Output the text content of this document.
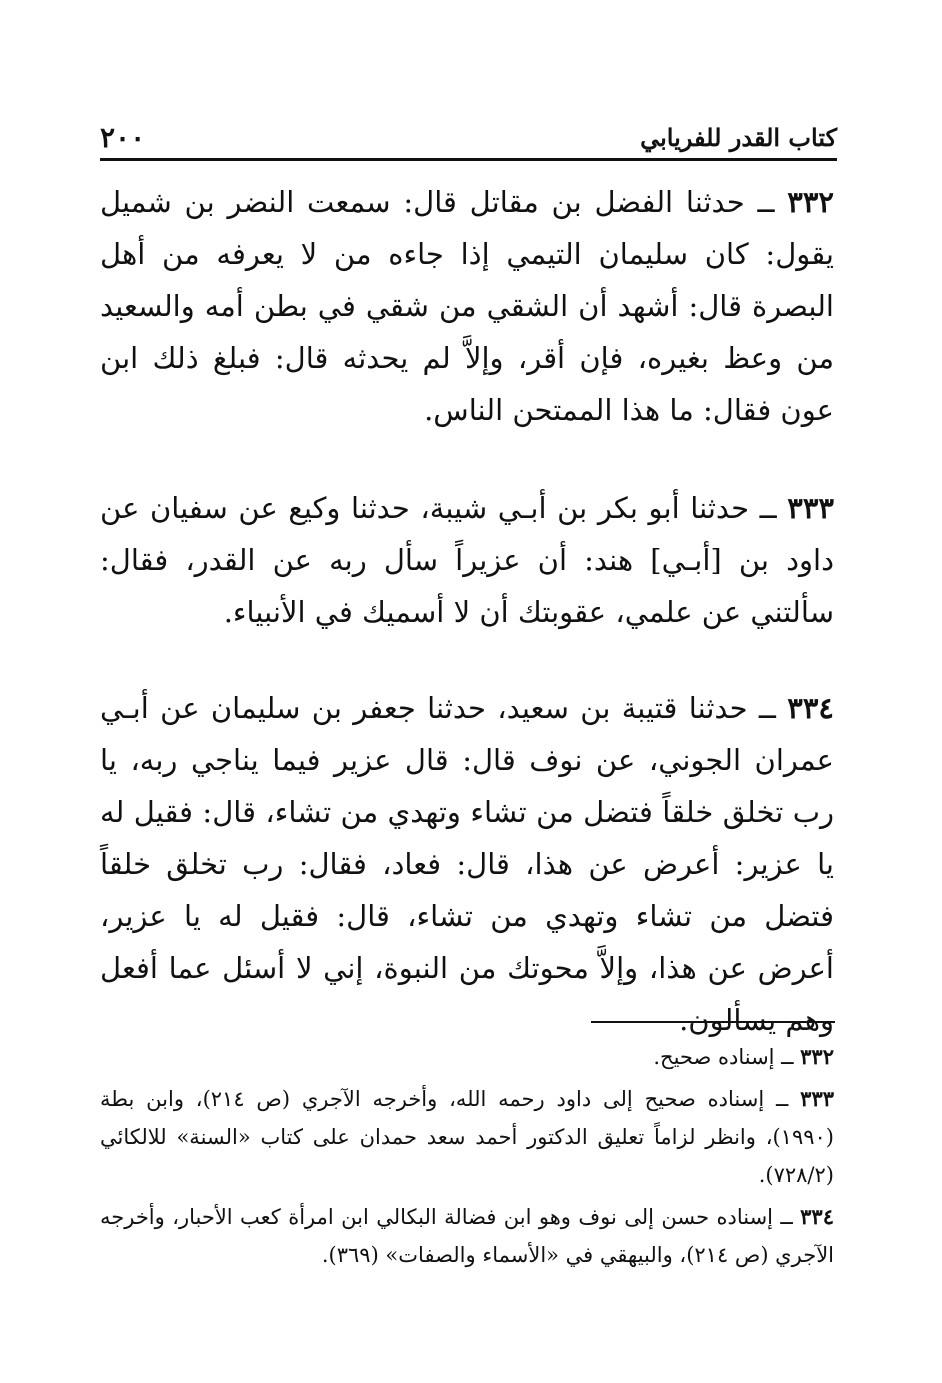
كتاب القدر للفريابي
٢٠٠
٣٣٢ ــ حدثنا الفضل بن مقاتل قال: سمعت النضر بن شميل يقول: كان سليمان التيمي إذا جاءه من لا يعرفه من أهل البصرة قال: أشهد أن الشقي من شقي في بطن أمه والسعيد من وعظ بغيره، فإن أقر، وإلاَّ لم يحدثه قال: فبلغ ذلك ابن عون فقال: ما هذا الممتحن الناس.
٣٣٣ ــ حدثنا أبو بكر بن أبـي شيبة، حدثنا وكيع عن سفيان عن داود بن [أبـي] هند: أن عزيراً سأل ربه عن القدر، فقال: سألتني عن علمي، عقوبتك أن لا أسميك في الأنبياء.
٣٣٤ ــ حدثنا قتيبة بن سعيد، حدثنا جعفر بن سليمان عن أبـي عمران الجوني، عن نوف قال: قال عزير فيما يناجي ربه، يا رب تخلق خلقاً فتضل من تشاء وتهدي من تشاء، قال: فقيل له يا عزير: أعرض عن هذا، قال: فعاد، فقال: رب تخلق خلقاً فتضل من تشاء وتهدي من تشاء، قال: فقيل له يا عزير، أعرض عن هذا، وإلاَّ محوتك من النبوة، إني لا أسئل عما أفعل وهم يسألون.

٣٣٢ ــ إسناده صحيح.

٣٣٣ ــ إسناده صحيح إلى داود رحمه الله، وأخرجه الآجري (ص ٢١٤)، وابن بطة (١٩٩٠)، وانظر لزاماً تعليق الدكتور أحمد سعد حمدان على كتاب «السنة» للالكائي (٧٢٨/٢).

٣٣٤ ــ إسناده حسن إلى نوف وهو ابن فضالة البكالي ابن امرأة كعب الأحبار، وأخرجه الآجري (ص ٢١٤)، والبيهقي في «الأسماء والصفات» (٣٦٩).
